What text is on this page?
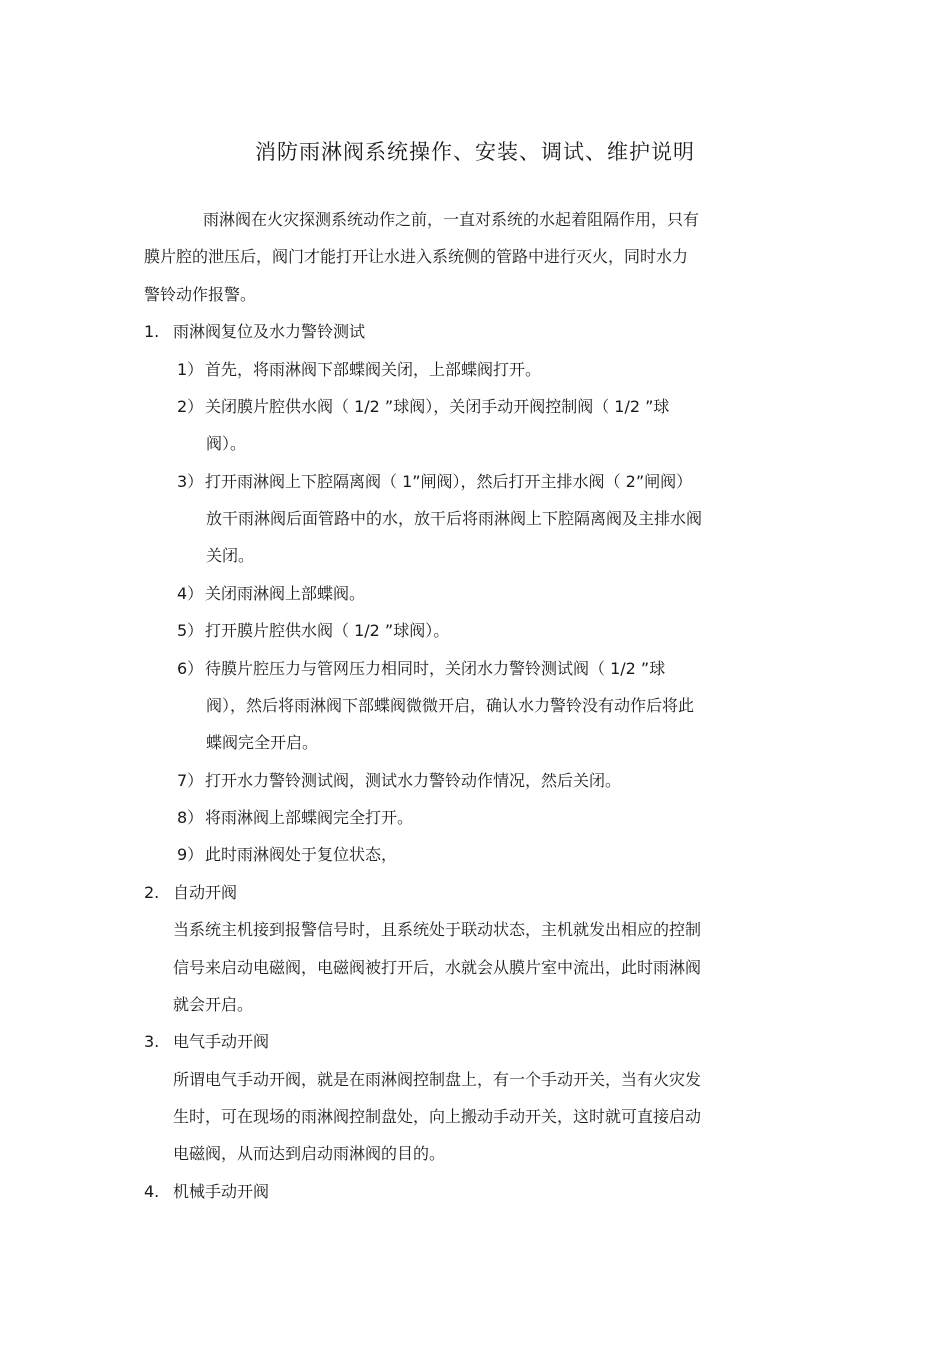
消防雨淋阀系统操作、安装、调试、维护说明
雨淋阀在火灾探测系统动作之前，一直对系统的水起着阻隔作用，只有
膜片腔的泄压后，阀门才能打开让水进入系统侧的管路中进行灭火，同时水力
警铃动作报警。
1. 雨淋阀复位及水力警铃测试
1） 首先，将雨淋阀下部蝶阀关闭，上部蝶阀打开。
2） 关闭膜片腔供水阀（ 1/2 ”球阀），关闭手动开阀控制阀（ 1/2 ”球
阀）。
3） 打开雨淋阀上下腔隔离阀（ 1”闸阀），然后打开主排水阀（ 2”闸阀）
放干雨淋阀后面管路中的水，放干后将雨淋阀上下腔隔离阀及主排水阀
关闭。
4） 关闭雨淋阀上部蝶阀。
5） 打开膜片腔供水阀（ 1/2 ”球阀）。
6） 待膜片腔压力与管网压力相同时，关闭水力警铃测试阀（ 1/2 ”球
阀），然后将雨淋阀下部蝶阀微微开启，确认水力警铃没有动作后将此
蝶阀完全开启。
7） 打开水力警铃测试阀，测试水力警铃动作情况，然后关闭。
8） 将雨淋阀上部蝶阀完全打开。
9） 此时雨淋阀处于复位状态，
2. 自动开阀
当系统主机接到报警信号时，且系统处于联动状态，主机就发出相应的控制
信号来启动电磁阀，电磁阀被打开后，水就会从膜片室中流出，此时雨淋阀
就会开启。
3. 电气手动开阀
所谓电气手动开阀，就是在雨淋阀控制盘上，有一个手动开关，当有火灾发
生时，可在现场的雨淋阀控制盘处，向上搬动手动开关，这时就可直接启动
电磁阀，从而达到启动雨淋阀的目的。
4. 机械手动开阀
